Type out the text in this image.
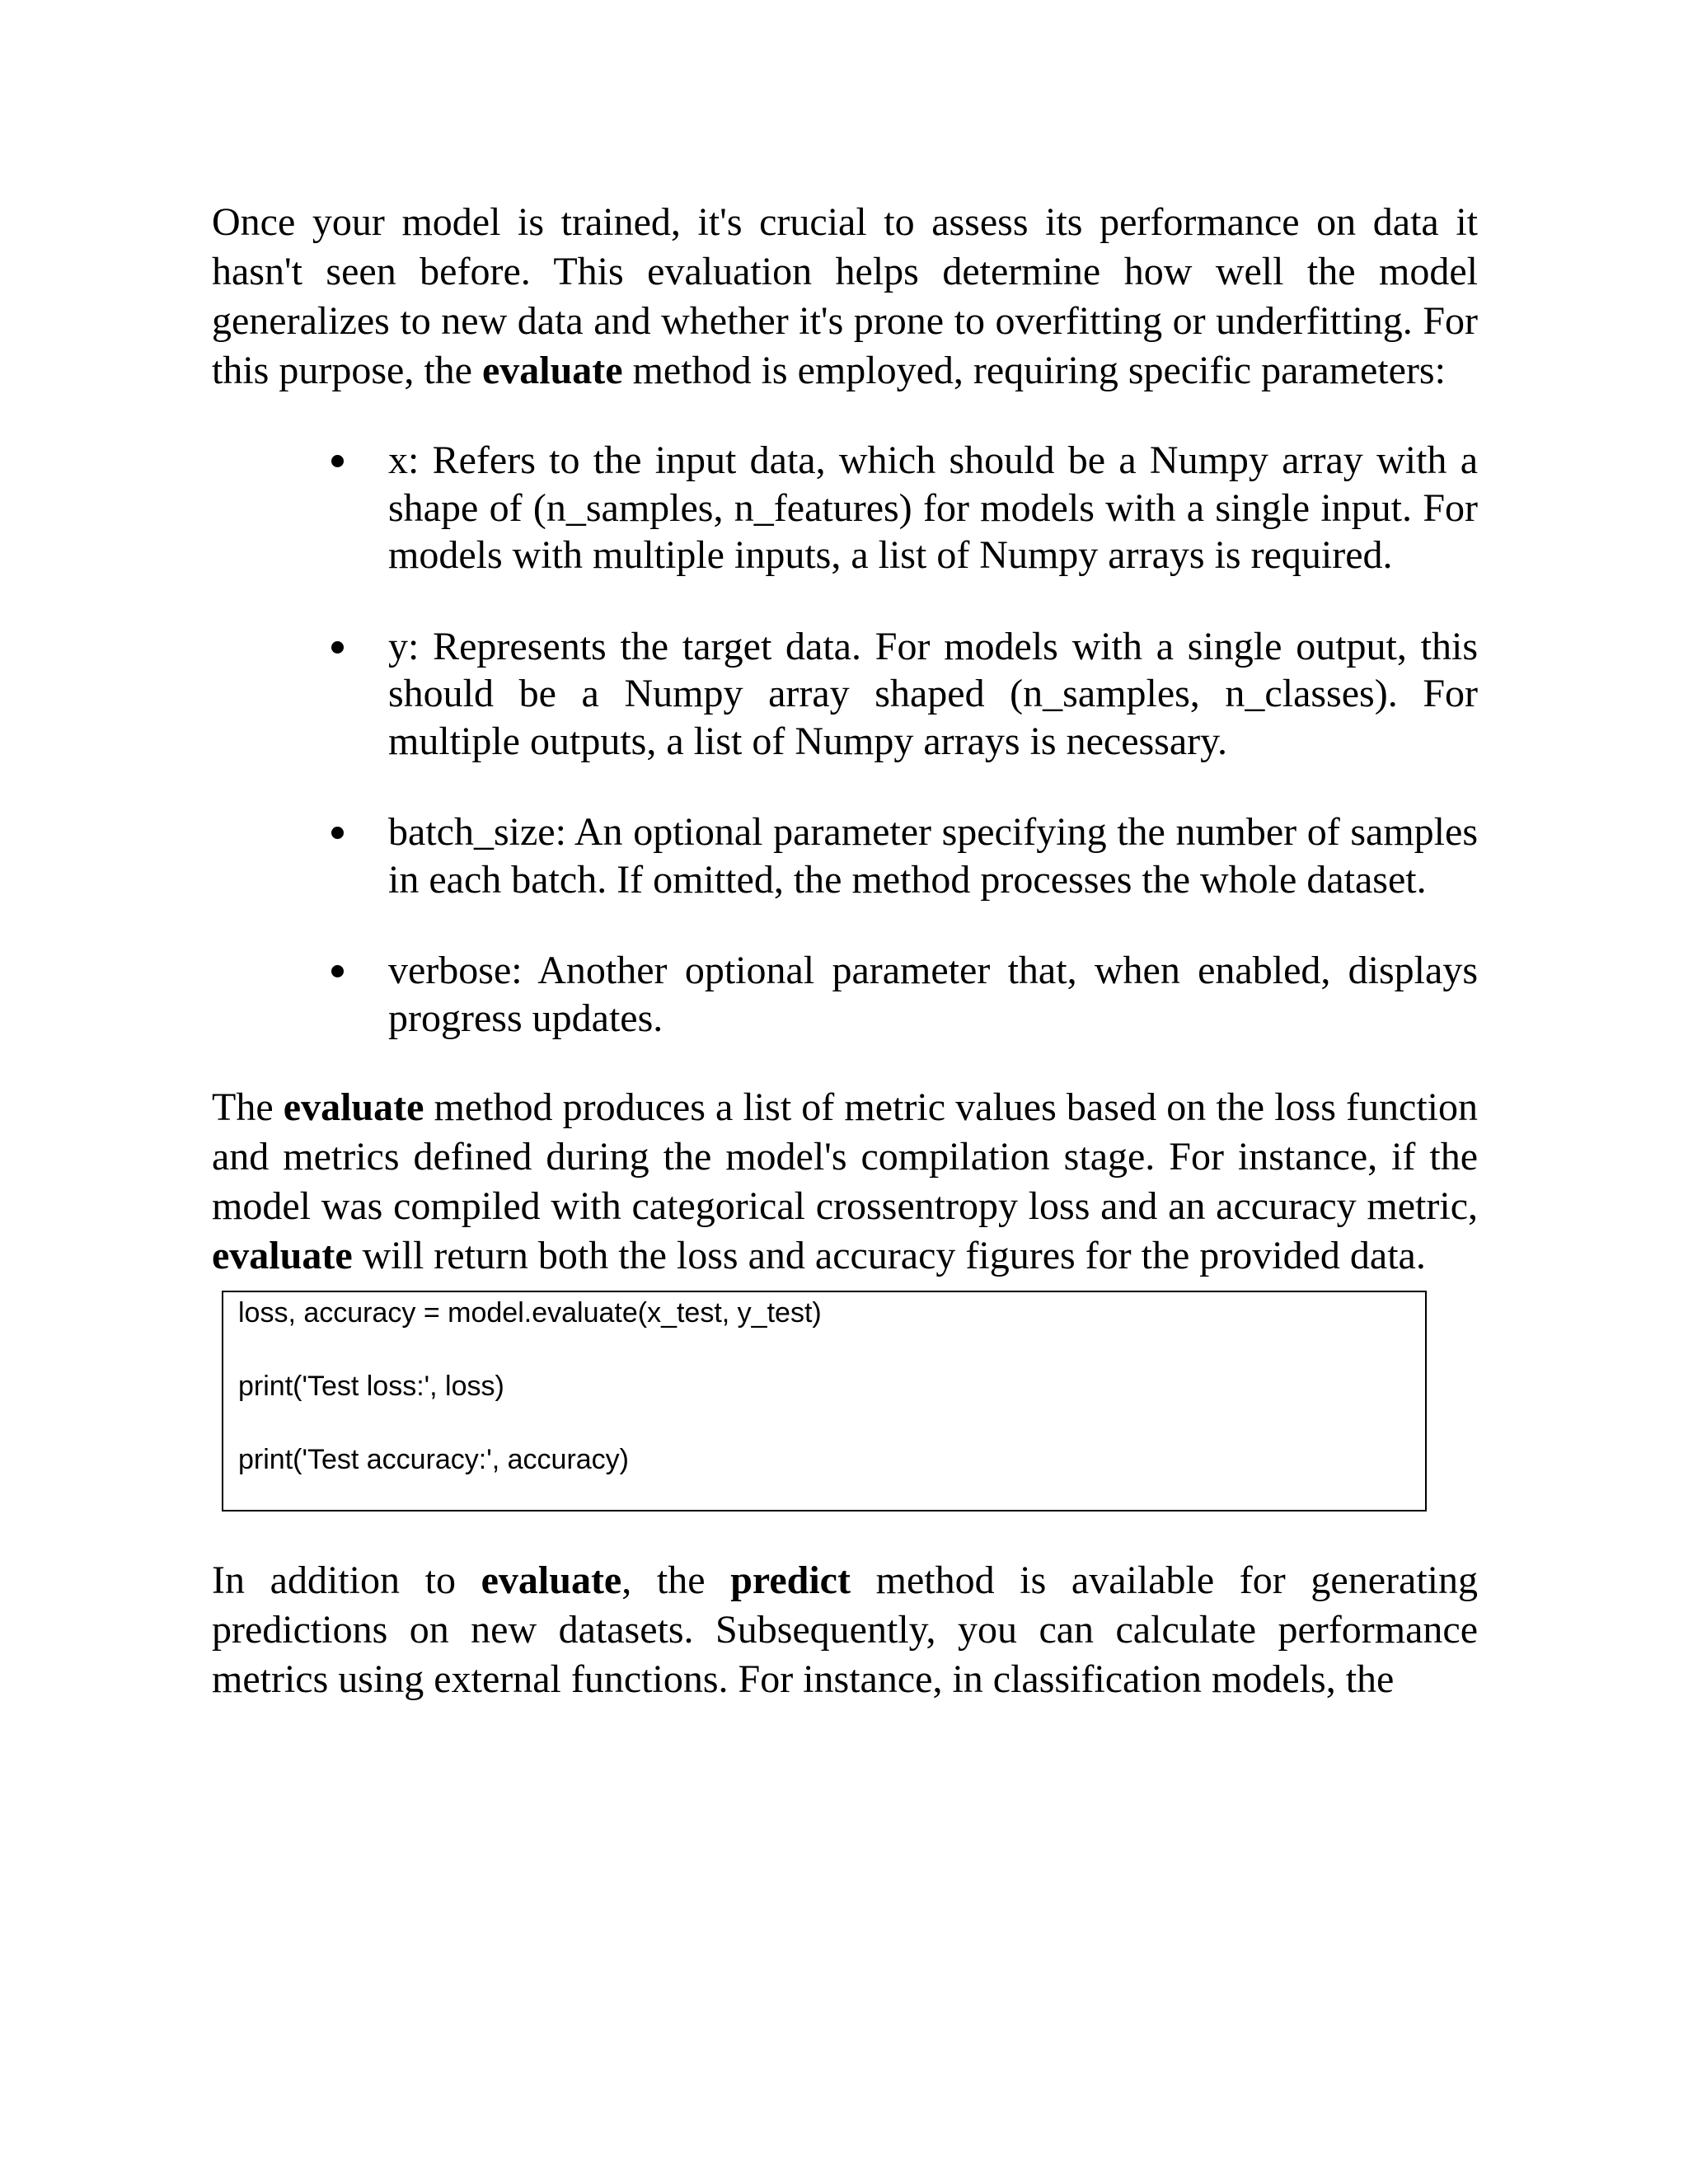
Once your model is trained, it's crucial to assess its performance on data it hasn't seen before. This evaluation helps determine how well the model generalizes to new data and whether it's prone to overfitting or underfitting. For this purpose, the evaluate method is employed, requiring specific parameters:

x: Refers to the input data, which should be a Numpy array with a shape of (n_samples, n_features) for models with a single input. For models with multiple inputs, a list of Numpy arrays is required.
y: Represents the target data. For models with a single output, this should be a Numpy array shaped (n_samples, n_classes). For multiple outputs, a list of Numpy arrays is necessary.
batch_size: An optional parameter specifying the number of samples in each batch. If omitted, the method processes the whole dataset.
verbose: Another optional parameter that, when enabled, displays progress updates.

The evaluate method produces a list of metric values based on the loss function and metrics defined during the model's compilation stage. For instance, if the model was compiled with categorical crossentropy loss and an accuracy metric, evaluate will return both the loss and accuracy figures for the provided data.

loss, accuracy = model.evaluate(x_test, y_test)
print('Test loss:', loss)
print('Test accuracy:', accuracy)

In addition to evaluate, the predict method is available for generating predictions on new datasets. Subsequently, you can calculate performance metrics using external functions. For instance, in classification models, the
